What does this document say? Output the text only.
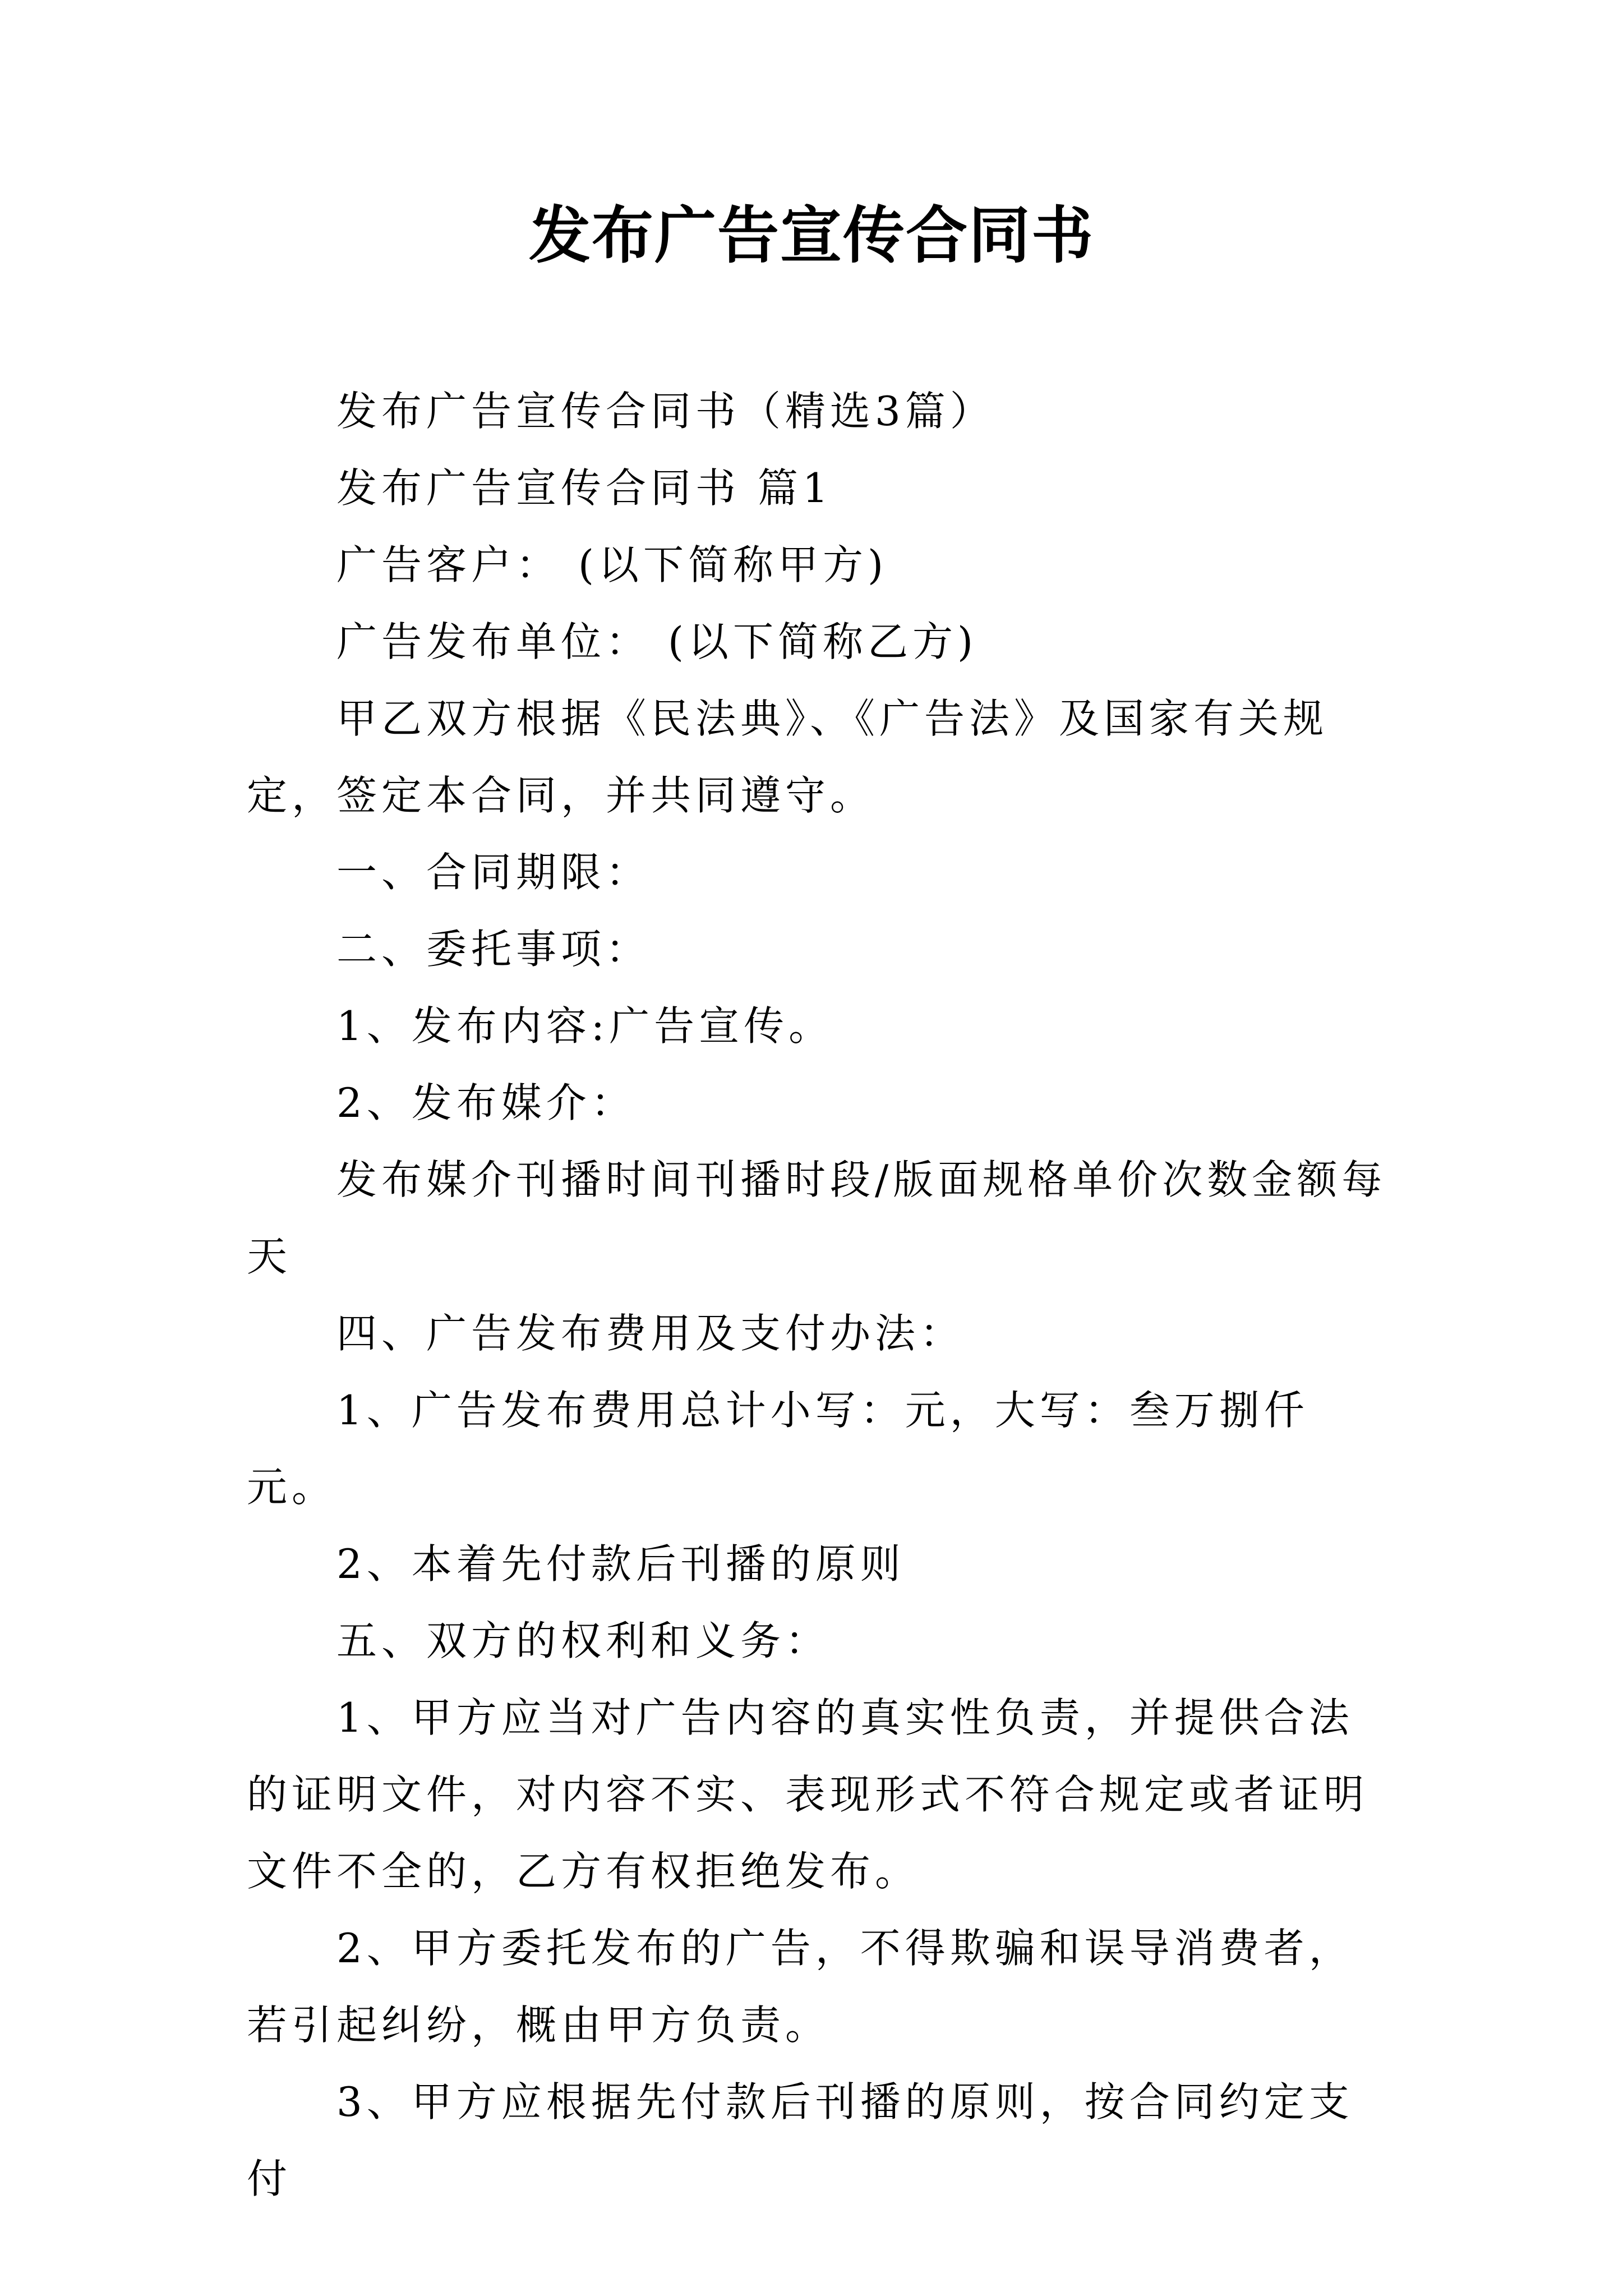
发布广告宣传合同书

发布广告宣传合同书（精选3篇）

发布广告宣传合同书 篇1

广告客户： (以下简称甲方)

广告发布单位： (以下简称乙方)

甲乙双方根据《民法典》、《广告法》及国家有关规定，签定本合同，并共同遵守。

一、合同期限：

二、委托事项：

1、发布内容:广告宣传。

2、发布媒介：

发布媒介刊播时间刊播时段/版面规格单价次数金额每天

四、广告发布费用及支付办法：

1、广告发布费用总计小写：元，大写：叁万捌仟元。

2、本着先付款后刊播的原则

五、双方的权利和义务：

1、甲方应当对广告内容的真实性负责，并提供合法的证明文件，对内容不实、表现形式不符合规定或者证明文件不全的，乙方有权拒绝发布。

2、甲方委托发布的广告，不得欺骗和误导消费者，若引起纠纷，概由甲方负责。

3、甲方应根据先付款后刊播的原则，按合同约定支付
